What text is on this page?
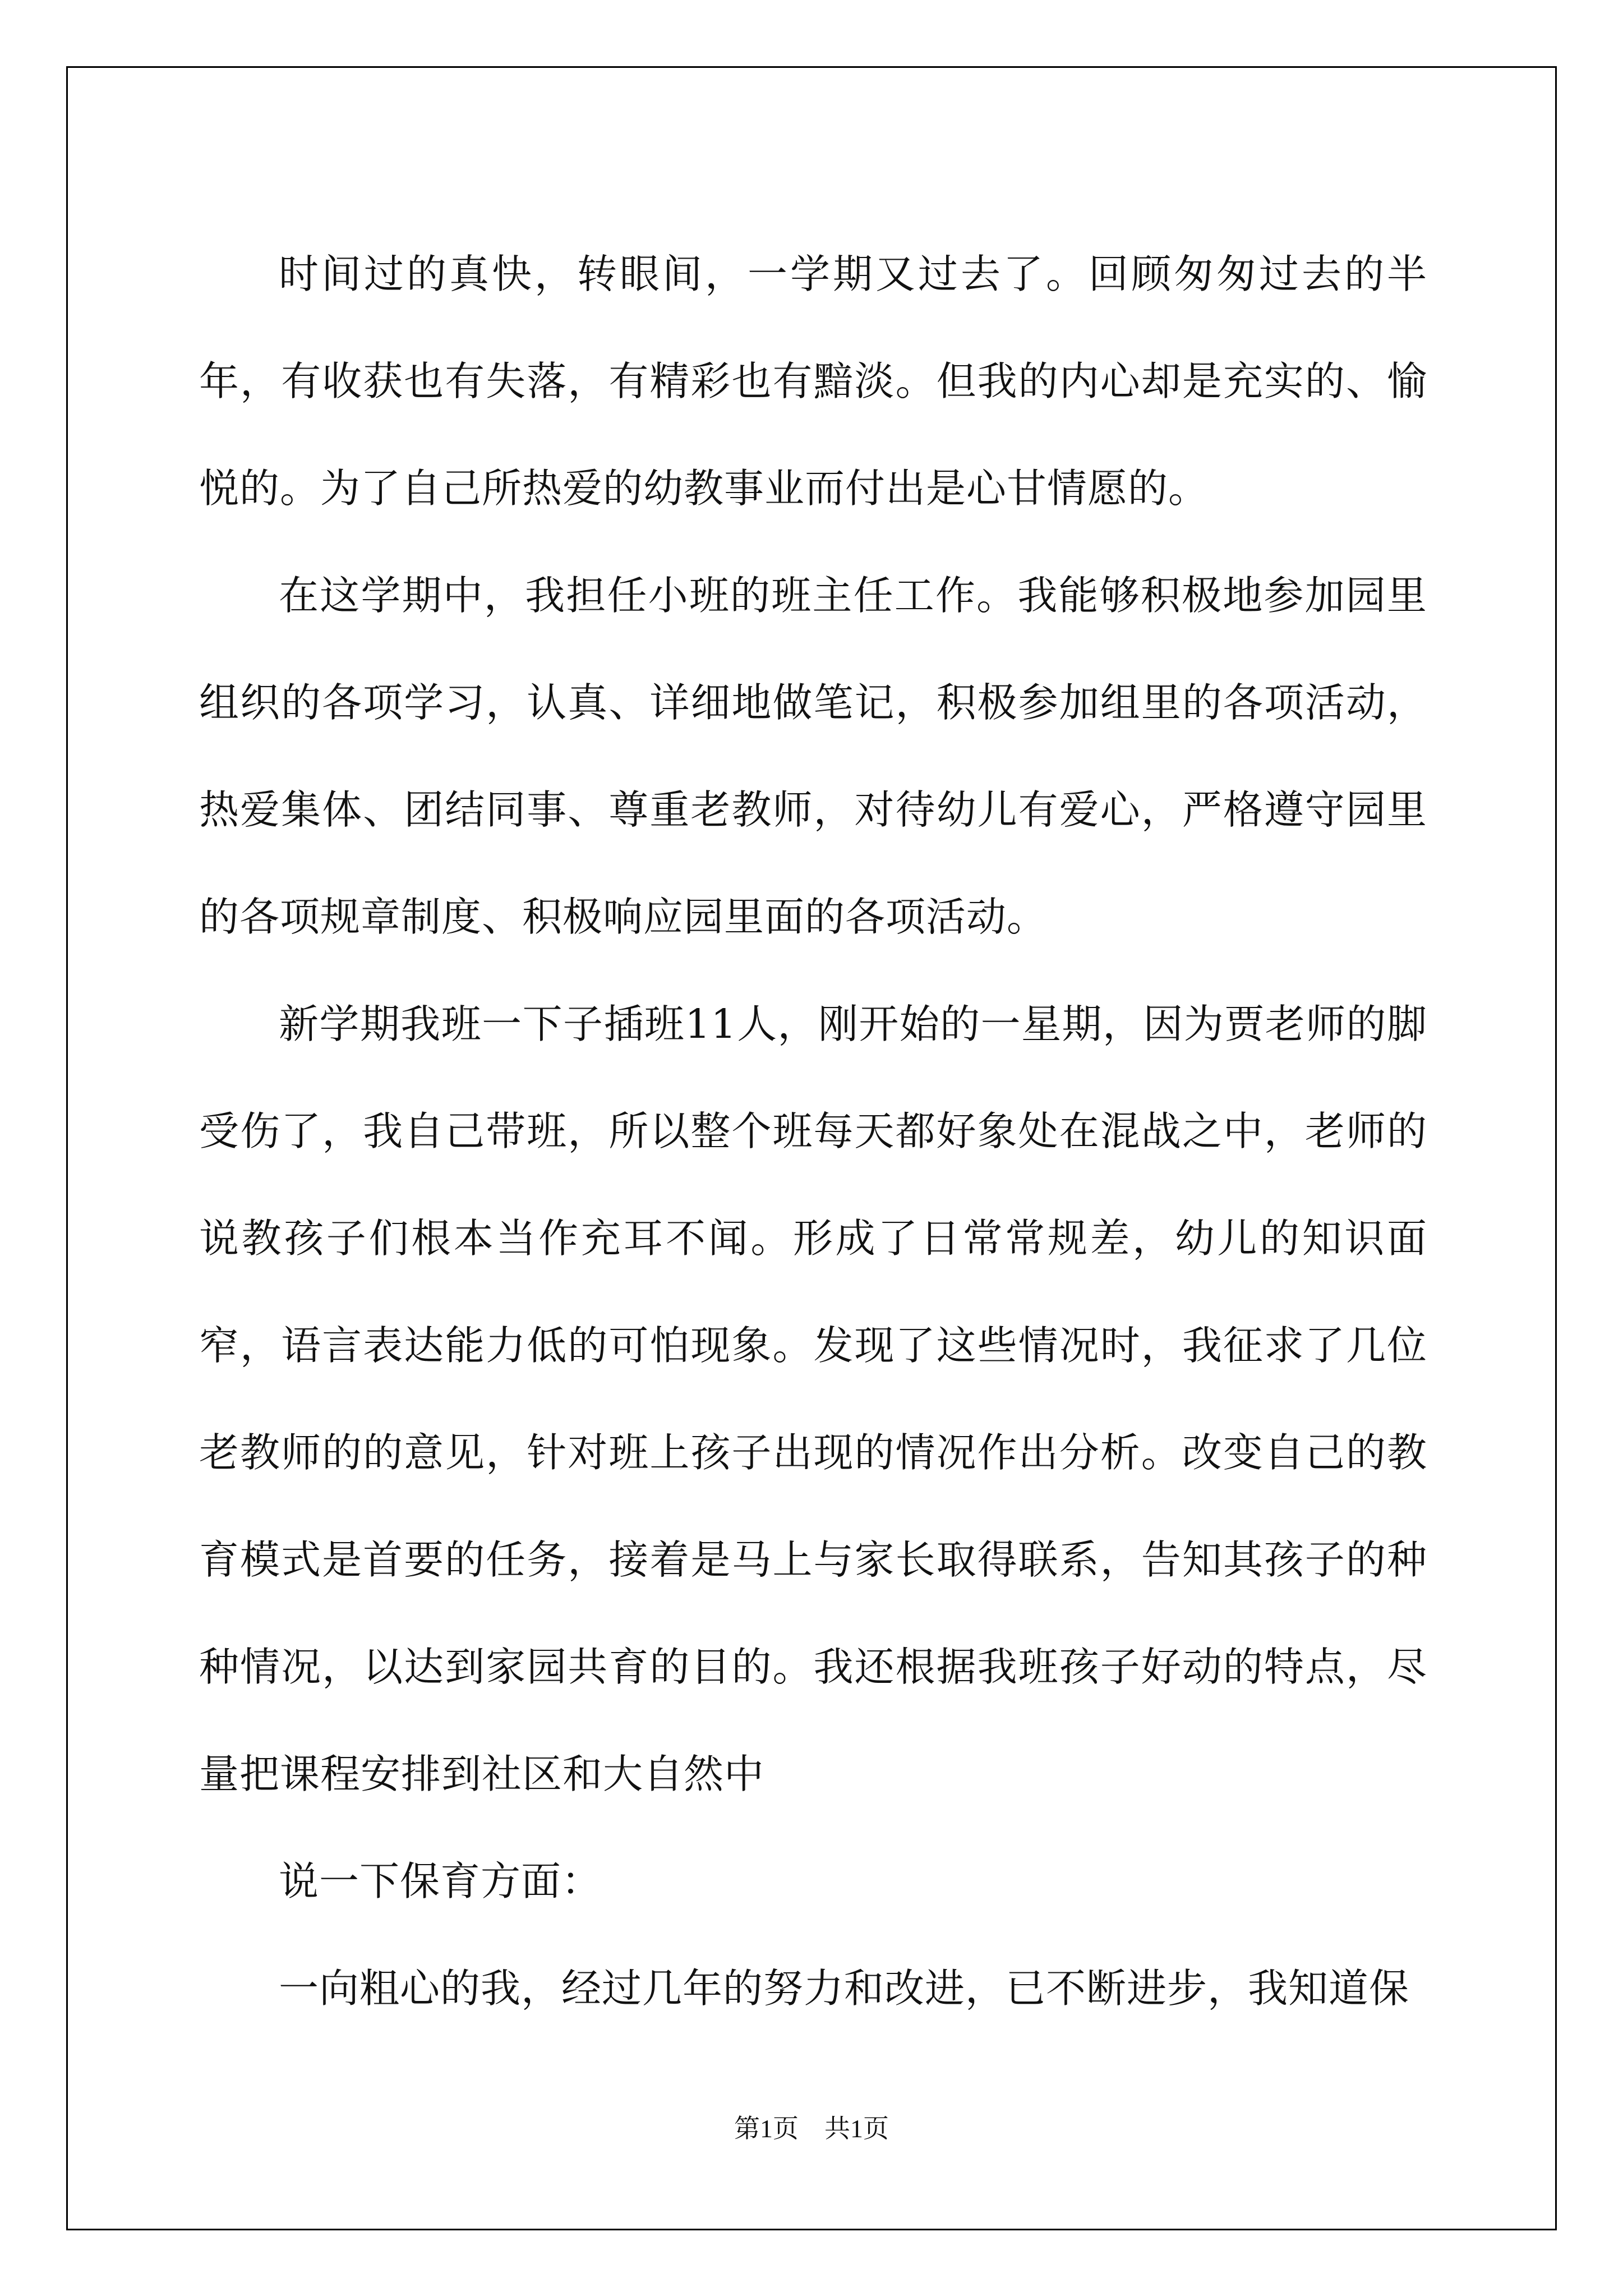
时间过的真快，转眼间，一学期又过去了。回顾匆匆过去的半年，有收获也有失落，有精彩也有黯淡。但我的内心却是充实的、愉悦的。为了自己所热爱的幼教事业而付出是心甘情愿的。

在这学期中，我担任小班的班主任工作。我能够积极地参加园里组织的各项学习，认真、详细地做笔记，积极参加组里的各项活动，热爱集体、团结同事、尊重老教师，对待幼儿有爱心，严格遵守园里的各项规章制度、积极响应园里面的各项活动。

新学期我班一下子插班11人，刚开始的一星期，因为贾老师的脚受伤了，我自己带班，所以整个班每天都好象处在混战之中，老师的说教孩子们根本当作充耳不闻。形成了日常常规差，幼儿的知识面窄，语言表达能力低的可怕现象。发现了这些情况时，我征求了几位老教师的的意见，针对班上孩子出现的情况作出分析。改变自己的教育模式是首要的任务，接着是马上与家长取得联系，告知其孩子的种种情况，以达到家园共育的目的。我还根据我班孩子好动的特点，尽量把课程安排到社区和大自然中

说一下保育方面：

一向粗心的我，经过几年的努力和改进，已不断进步，我知道保

第1页　共1页
